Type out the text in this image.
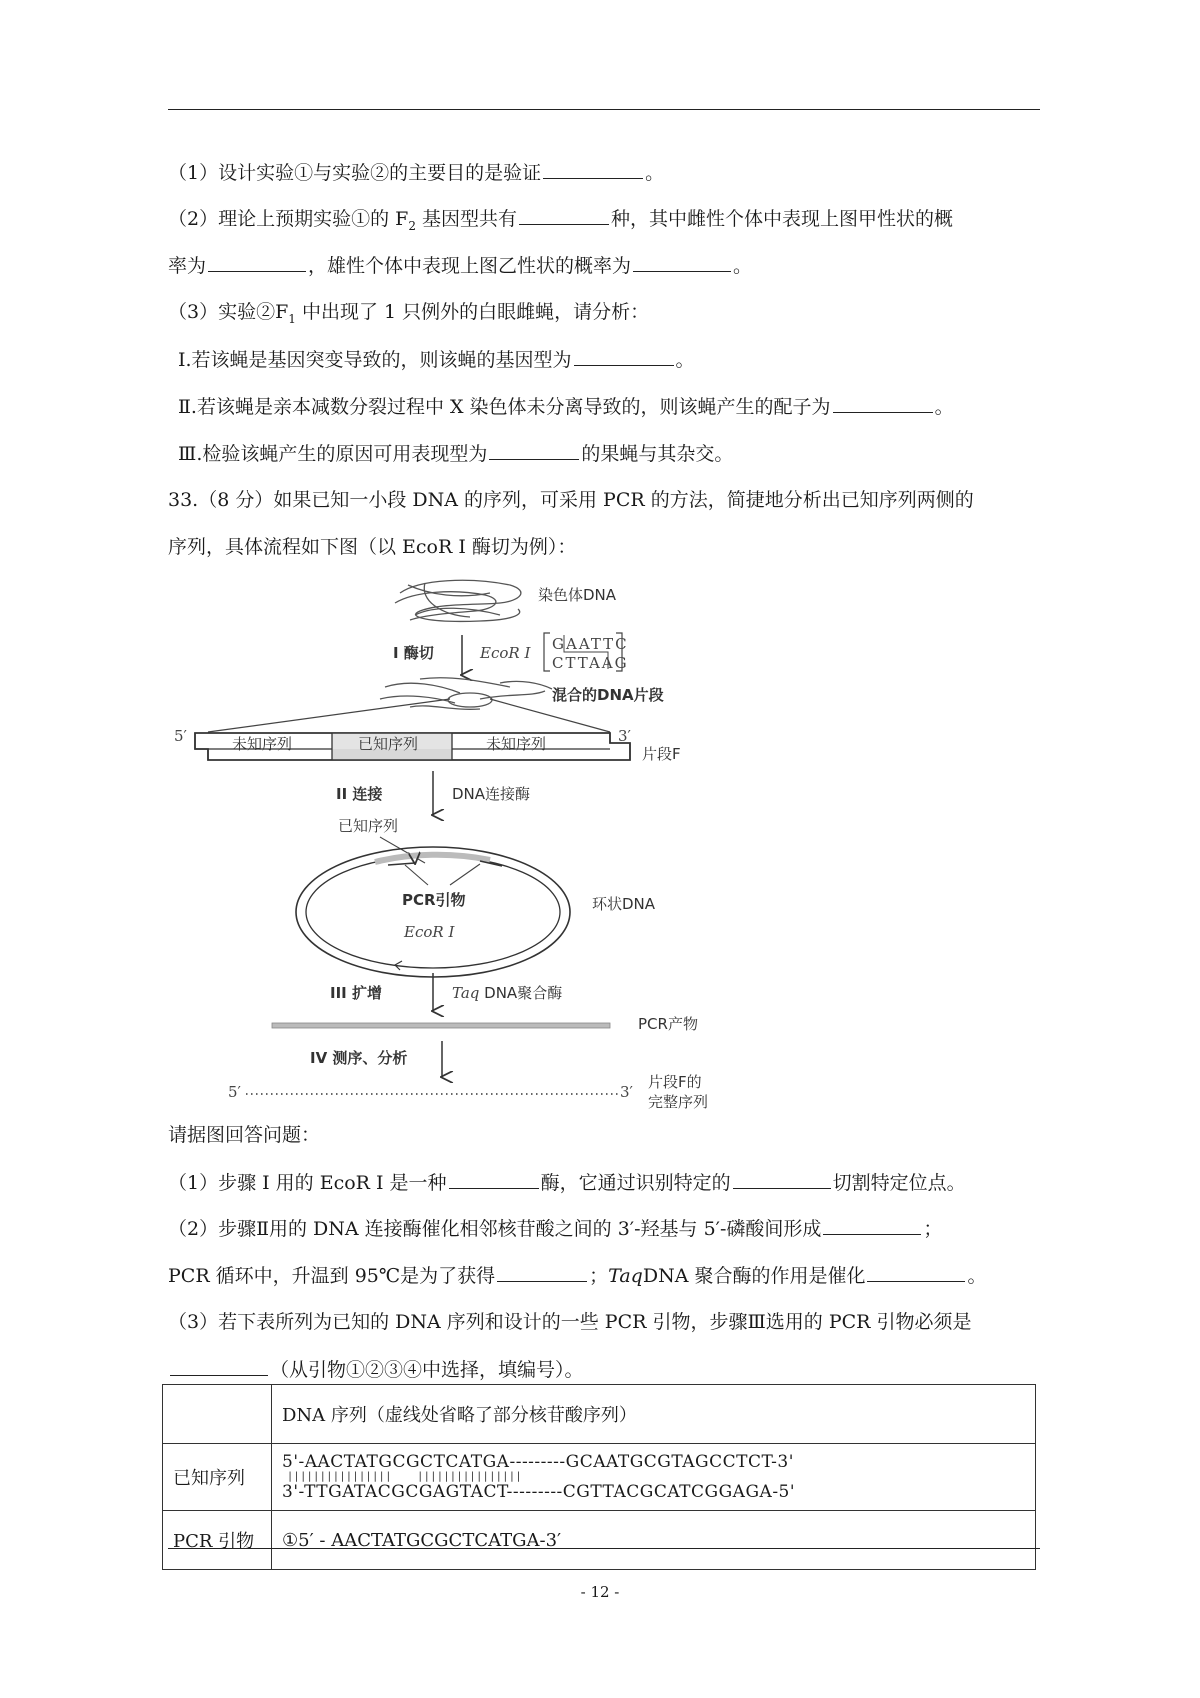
（1）设计实验①与实验②的主要目的是验证	。
（2）理论上预期实验①的 $F_2$ 基因型共有	种，其中雌性个体中表现上图甲性状的概
率为	，雄性个体中表现上图乙性状的概率为	。
（3）实验$②F_1$ 中出现了 1 只例外的白眼雌蝇，请分析：
Ⅰ.若该蝇是基因突变导致的，则该蝇的基因型为	。
Ⅱ.若该蝇是亲本减数分裂过程中 X 染色体未分离导致的，则该蝇产生的配子为	。
Ⅲ.检验该蝇产生的原因可用表现型为	的果蝇与其杂交。
33.（8 分）如果已知一小段 DNA 的序列，可采用 PCR 的方法，简捷地分析出已知序列两侧的
序列，具体流程如下图（以 EcoR I 酶切为例）：
染色体DNA
I 酶切	EcoR I GAATTC
CTTAAG
混合的DNA片段
5′	3′
未知序列	已知序列	未知序列
片段F
II 连接	DNA连接酶
已知序列
PCR引物	环状DNA
EcoR I
III 扩增	Taq DNA聚合酶
PCR产物
IV 测序、分析
5′	3′
片段F的
完整序列
请据图回答问题：
（1）步骤 I 用的 EcoR I 是一种	酶，它通过识别特定的	切割特定位点。
（2）步骤Ⅱ用的 DNA 连接酶催化相邻核苷酸之间的 3′-羟基与 5′-磷酸间形成	；
PCR 循环中，升温到 95℃是为了获得	；TaqDNA 聚合酶的作用是催化	。
（3）若下表所列为已知的 DNA 序列和设计的一些 PCR 引物，步骤Ⅲ选用的 PCR 引物必须是
（从引物①②③④中选择，填编号）。
	DNA 序列（虚线处省略了部分核苷酸序列）
已知序列	5'-AACTATGCGCTCATGA---------GCAATGCGTAGCCTCT-3'
| | | | | | | | | | | | | | | |         | | | | | | | | | | | | | | | |
3'-TTGATACGCGAGTACT---------CGTTACGCATCGGAGA-5'

PCR 引物	①5′ - AACTATGCGCTCATGA-3′
- 12 -
